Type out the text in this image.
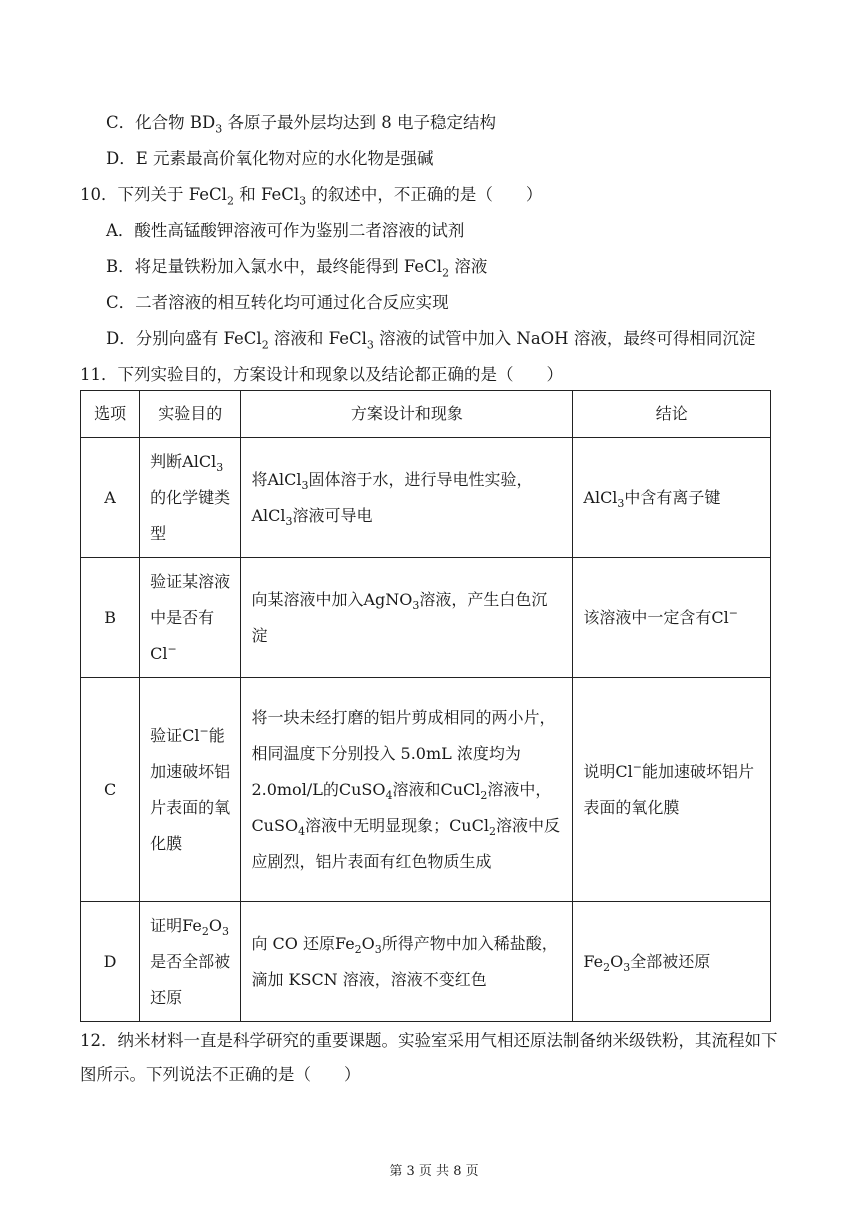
C．化合物 $BD_3$ 各原子最外层均达到 8 电子稳定结构
D．E 元素最高价氧化物对应的水化物是强碱
10．下列关于 FeCl$_2$ 和 FeCl$_3$ 的叙述中，不正确的是（　　）
A．酸性高锰酸钾溶液可作为鉴别二者溶液的试剂
B．将足量铁粉加入氯水中，最终能得到 FeCl$_2$ 溶液
C．二者溶液的相互转化均可通过化合反应实现
D．分别向盛有 FeCl$_2$ 溶液和 FeCl$_3$ 溶液的试管中加入 NaOH 溶液，最终可得相同沉淀
11．下列实验目的，方案设计和现象以及结论都正确的是（　　）
选项	实验目的	方案设计和现象	结论
A	判断AlCl$_3$的化学键类型	将AlCl$_3$固体溶于水，进行导电性实验，AlCl$_3$溶液可导电	AlCl$_3$中含有离子键
B	验证某溶液中是否有Cl−	向某溶液中加入AgNO$_3$溶液，产生白色沉淀	该溶液中一定含有Cl−
C	验证Cl−能加速破坏铝片表面的氧化膜	将一块未经打磨的铝片剪成相同的两小片，相同温度下分别投入 5.0mL 浓度均为2.0mol/L的CuSO$_4$溶液和CuCl$_2$溶液中，CuSO$_4$溶液中无明显现象；CuCl$_2$溶液中反应剧烈，铝片表面有红色物质生成	说明Cl−能加速破坏铝片表面的氧化膜
D	证明$Fe_2O_3$是否全部被还原	向 CO 还原$Fe_2O_3$所得产物中加入稀盐酸，滴加 KSCN 溶液，溶液不变红色	$Fe_2O_3$全部被还原
12．纳米材料一直是科学研究的重要课题。实验室采用气相还原法制备纳米级铁粉，其流程如下图所示。下列说法不正确的是（　　）
第 3 页 共 8 页
